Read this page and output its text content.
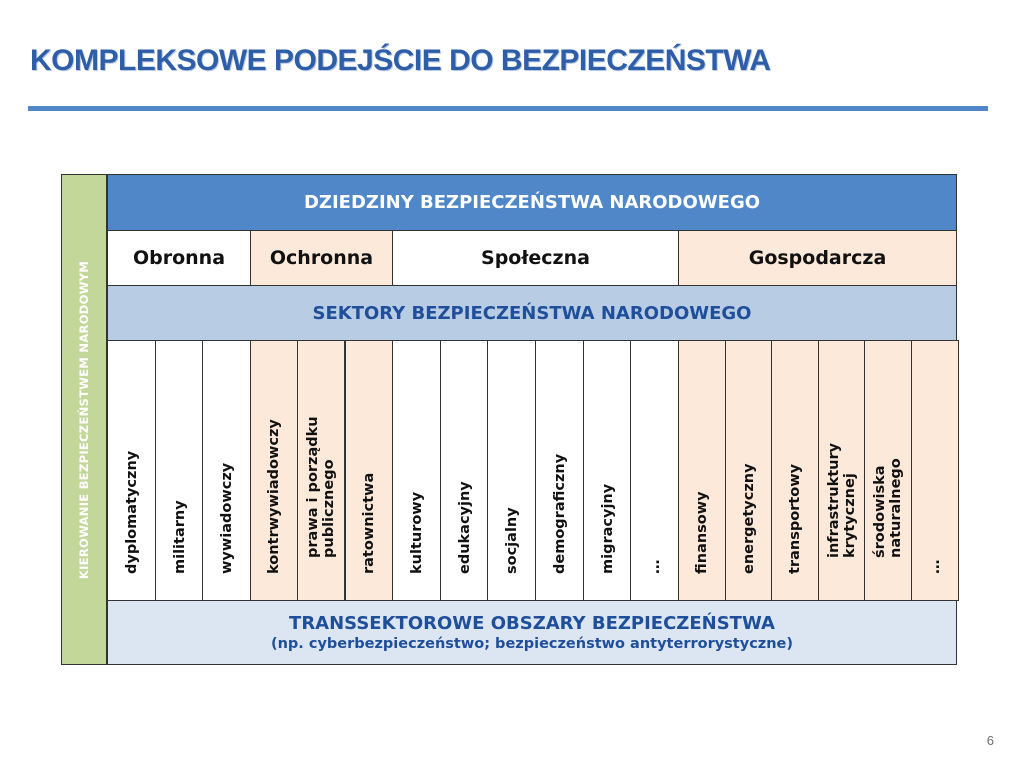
KOMPLEKSOWE PODEJŚCIE DO BEZPIECZEŃSTWA
KIEROWANIE BEZPIECZEŃSTWEM NARODOWYM
DZIEDZINY BEZPIECZEŃSTWA NARODOWEGO
Obronna Ochronna	Społeczna	Gospodarcza
SEKTORY BEZPIECZEŃSTWA NARODOWEGO
dyplomatyczny militarny wywiadowczy kontrwywiadowczy prawa i porządku publicznego ratownictwa kulturowy edukacyjny socjalny demograficzny migracyjny … finansowy energetyczny transportowy infrastruktury krytycznej środowiska naturalnego
…
TRANSSEKTOROWE OBSZARY BEZPIECZEŃSTWA
(np. cyberbezpieczeństwo; bezpieczeństwo antyterrorystyczne)
6
